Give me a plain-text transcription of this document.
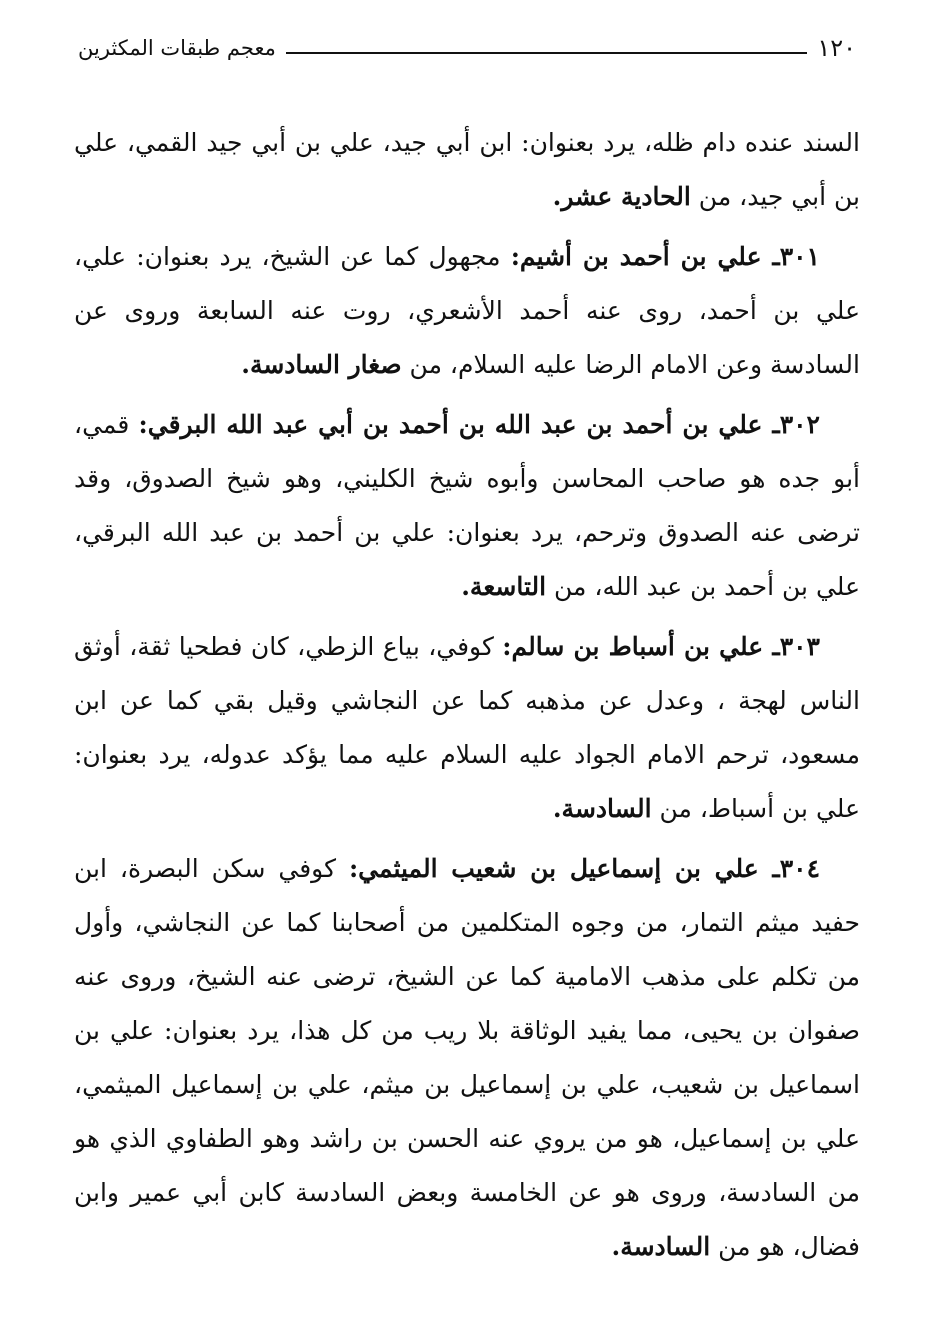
١٢٠
معجم طبقات المكثرين

السند عنده دام ظله، يرد بعنوان: ابن أبي جيد، علي بن أبي جيد القمي، علي بن أبي جيد، من الحادية عشر.

٣٠١ـ علي بن أحمد بن أشيم: مجهول كما عن الشيخ، يرد بعنوان: علي، علي بن أحمد، روى عنه أحمد الأشعري، روت عنه السابعة وروى عن السادسة وعن الامام الرضا عليه السلام، من صغار السادسة.

٣٠٢ـ علي بن أحمد بن عبد الله بن أحمد بن أبي عبد الله البرقي: قمي، أبو جده هو صاحب المحاسن وأبوه شيخ الكليني، وهو شيخ الصدوق، وقد ترضى عنه الصدوق وترحم، يرد بعنوان: علي بن أحمد بن عبد الله البرقي، علي بن أحمد بن عبد الله، من التاسعة.

٣٠٣ـ علي بن أسباط بن سالم: كوفي، بياع الزطي، كان فطحيا ثقة، أوثق الناس لهجة ، وعدل عن مذهبه كما عن النجاشي وقيل بقي كما عن ابن مسعود، ترحم الامام الجواد عليه السلام عليه مما يؤكد عدوله، يرد بعنوان: علي بن أسباط، من السادسة.

٣٠٤ـ علي بن إسماعيل بن شعيب الميثمي: كوفي سكن البصرة، ابن حفيد ميثم التمار، من وجوه المتكلمين من أصحابنا كما عن النجاشي، وأول من تكلم على مذهب الامامية كما عن الشيخ، ترضى عنه الشيخ، وروى عنه صفوان بن يحيى، مما يفيد الوثاقة بلا ريب من كل هذا، يرد بعنوان: علي بن اسماعيل بن شعيب، علي بن إسماعيل بن ميثم، علي بن إسماعيل الميثمي، علي بن إسماعيل، هو من يروي عنه الحسن بن راشد وهو الطفاوي الذي هو من السادسة، وروى هو عن الخامسة وبعض السادسة كابن أبي عمير وابن فضال، هو من السادسة.
